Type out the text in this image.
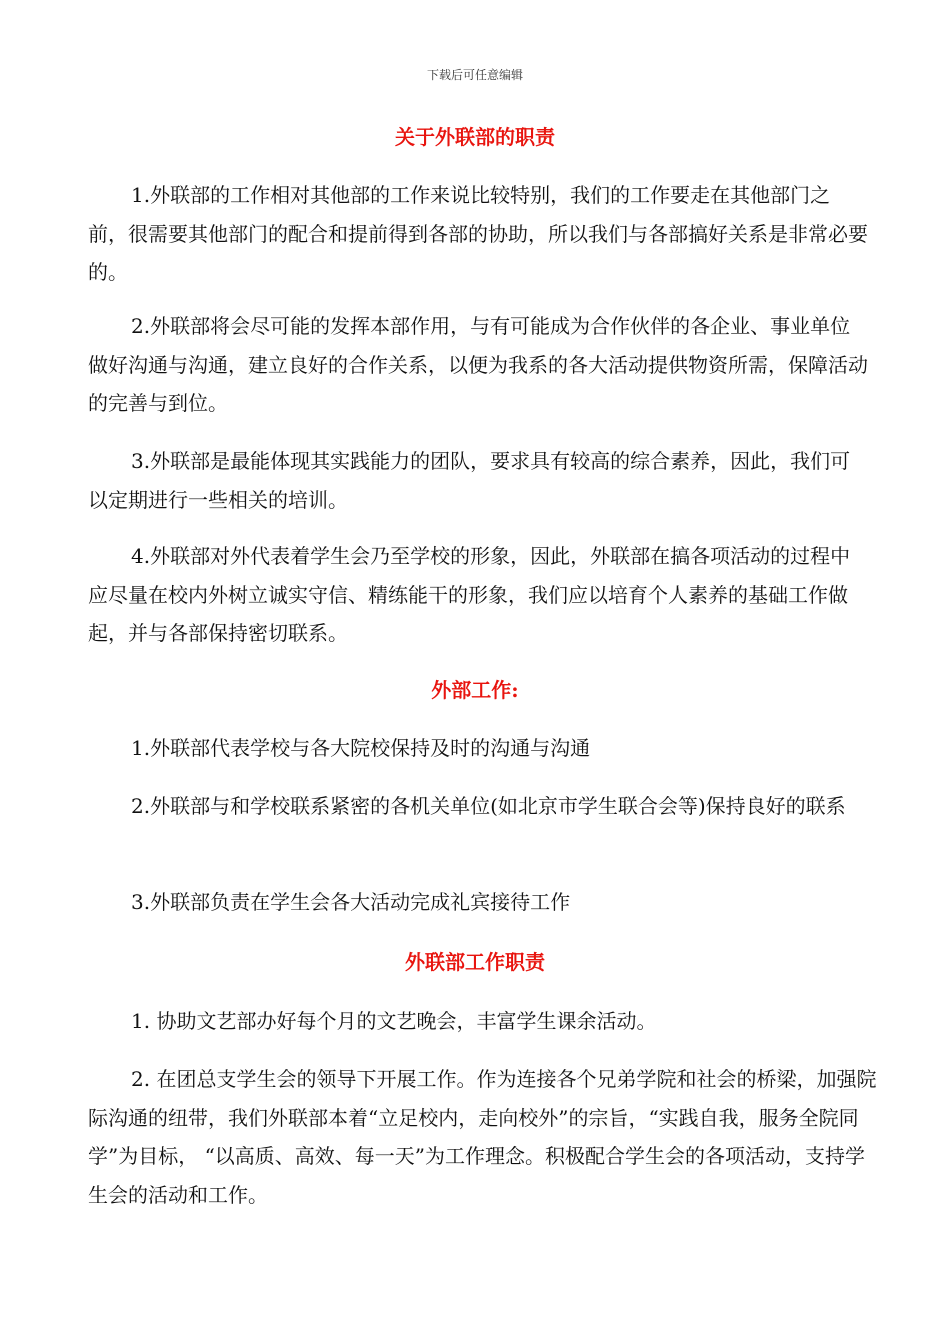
下载后可任意编辑
关于外联部的职责

1.外联部的工作相对其他部的工作来说比较特别，我们的工作要走在其他部门之前，很需要其他部门的配合和提前得到各部的协助，所以我们与各部搞好关系是非常必要的。

2.外联部将会尽可能的发挥本部作用，与有可能成为合作伙伴的各企业、事业单位做好沟通与沟通，建立良好的合作关系，以便为我系的各大活动提供物资所需，保障活动的完善与到位。

3.外联部是最能体现其实践能力的团队，要求具有较高的综合素养，因此，我们可以定期进行一些相关的培训。

4.外联部对外代表着学生会乃至学校的形象，因此，外联部在搞各项活动的过程中应尽量在校内外树立诚实守信、精练能干的形象，我们应以培育个人素养的基础工作做起，并与各部保持密切联系。

外部工作:

1.外联部代表学校与各大院校保持及时的沟通与沟通

2.外联部与和学校联系紧密的各机关单位(如北京市学生联合会等)保持良好的联系

3.外联部负责在学生会各大活动完成礼宾接待工作

外联部工作职责

1. 协助文艺部办好每个月的文艺晚会，丰富学生课余活动。

2. 在团总支学生会的领导下开展工作。作为连接各个兄弟学院和社会的桥梁，加强院际沟通的纽带，我们外联部本着“立足校内，走向校外”的宗旨，“实践自我，服务全院同学”为目标， “以高质、高效、每一天”为工作理念。积极配合学生会的各项活动，支持学生会的活动和工作。
